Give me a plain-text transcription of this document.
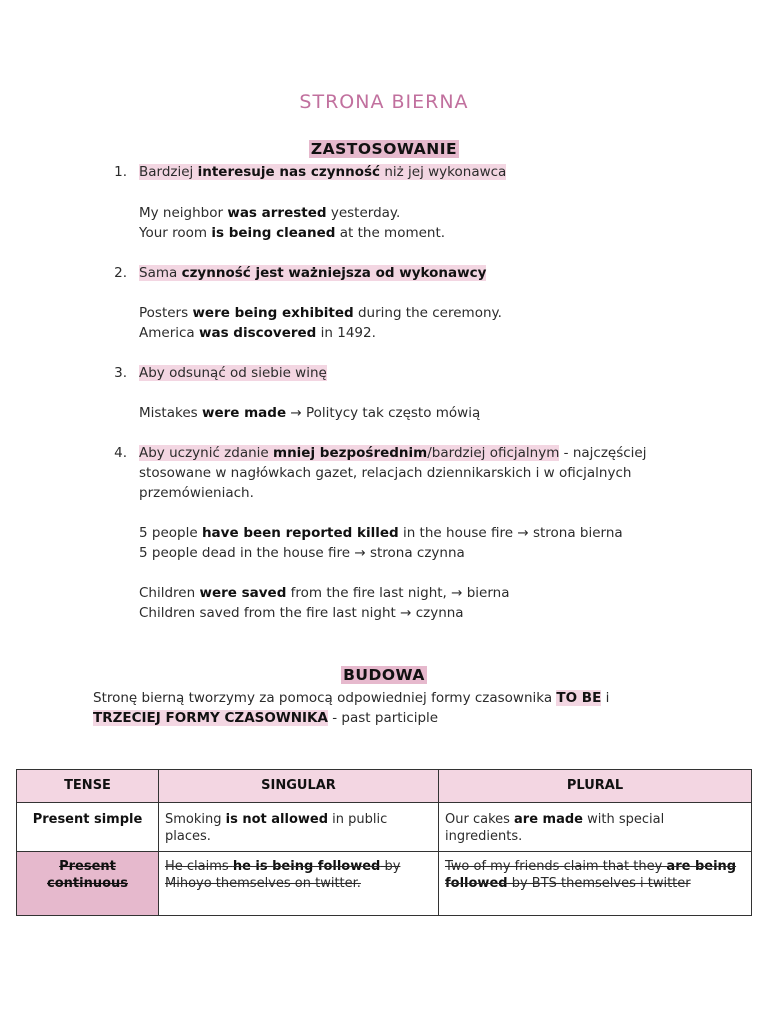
STRONA BIERNA
ZASTOSOWANIE
1. Bardziej interesuje nas czynność niż jej wykonawca
My neighbor was arrested yesterday.
Your room is being cleaned at the moment.
2. Sama czynność jest ważniejsza od wykonawcy
Posters were being exhibited during the ceremony.
America was discovered in 1492.
3. Aby odsunąć od siebie winę
Mistakes were made → Politycy tak często mówią
4. Aby uczynić zdanie mniej bezpośrednim/bardziej oficjalnym - najczęściej
stosowane w nagłówkach gazet, relacjach dziennikarskich i w oficjalnych
przemówieniach.
5 people have been reported killed in the house fire → strona bierna
5 people dead in the house fire → strona czynna
Children were saved from the fire last night, → bierna
Children saved from the fire last night → czynna
BUDOWA
Stronę bierną tworzymy za pomocą odpowiedniej formy czasownika TO BE i
TRZECIEJ FORMY CZASOWNIKA - past participle
TENSE	SINGULAR	PLURAL
Present simple	Smoking is not allowed in public places.	Our cakes are made with special ingredients.
Present continuous	He claims he is being followed by Mihoyo themselves on twitter.	Two of my friends claim that they are being followed by BTS themselves i twitter
